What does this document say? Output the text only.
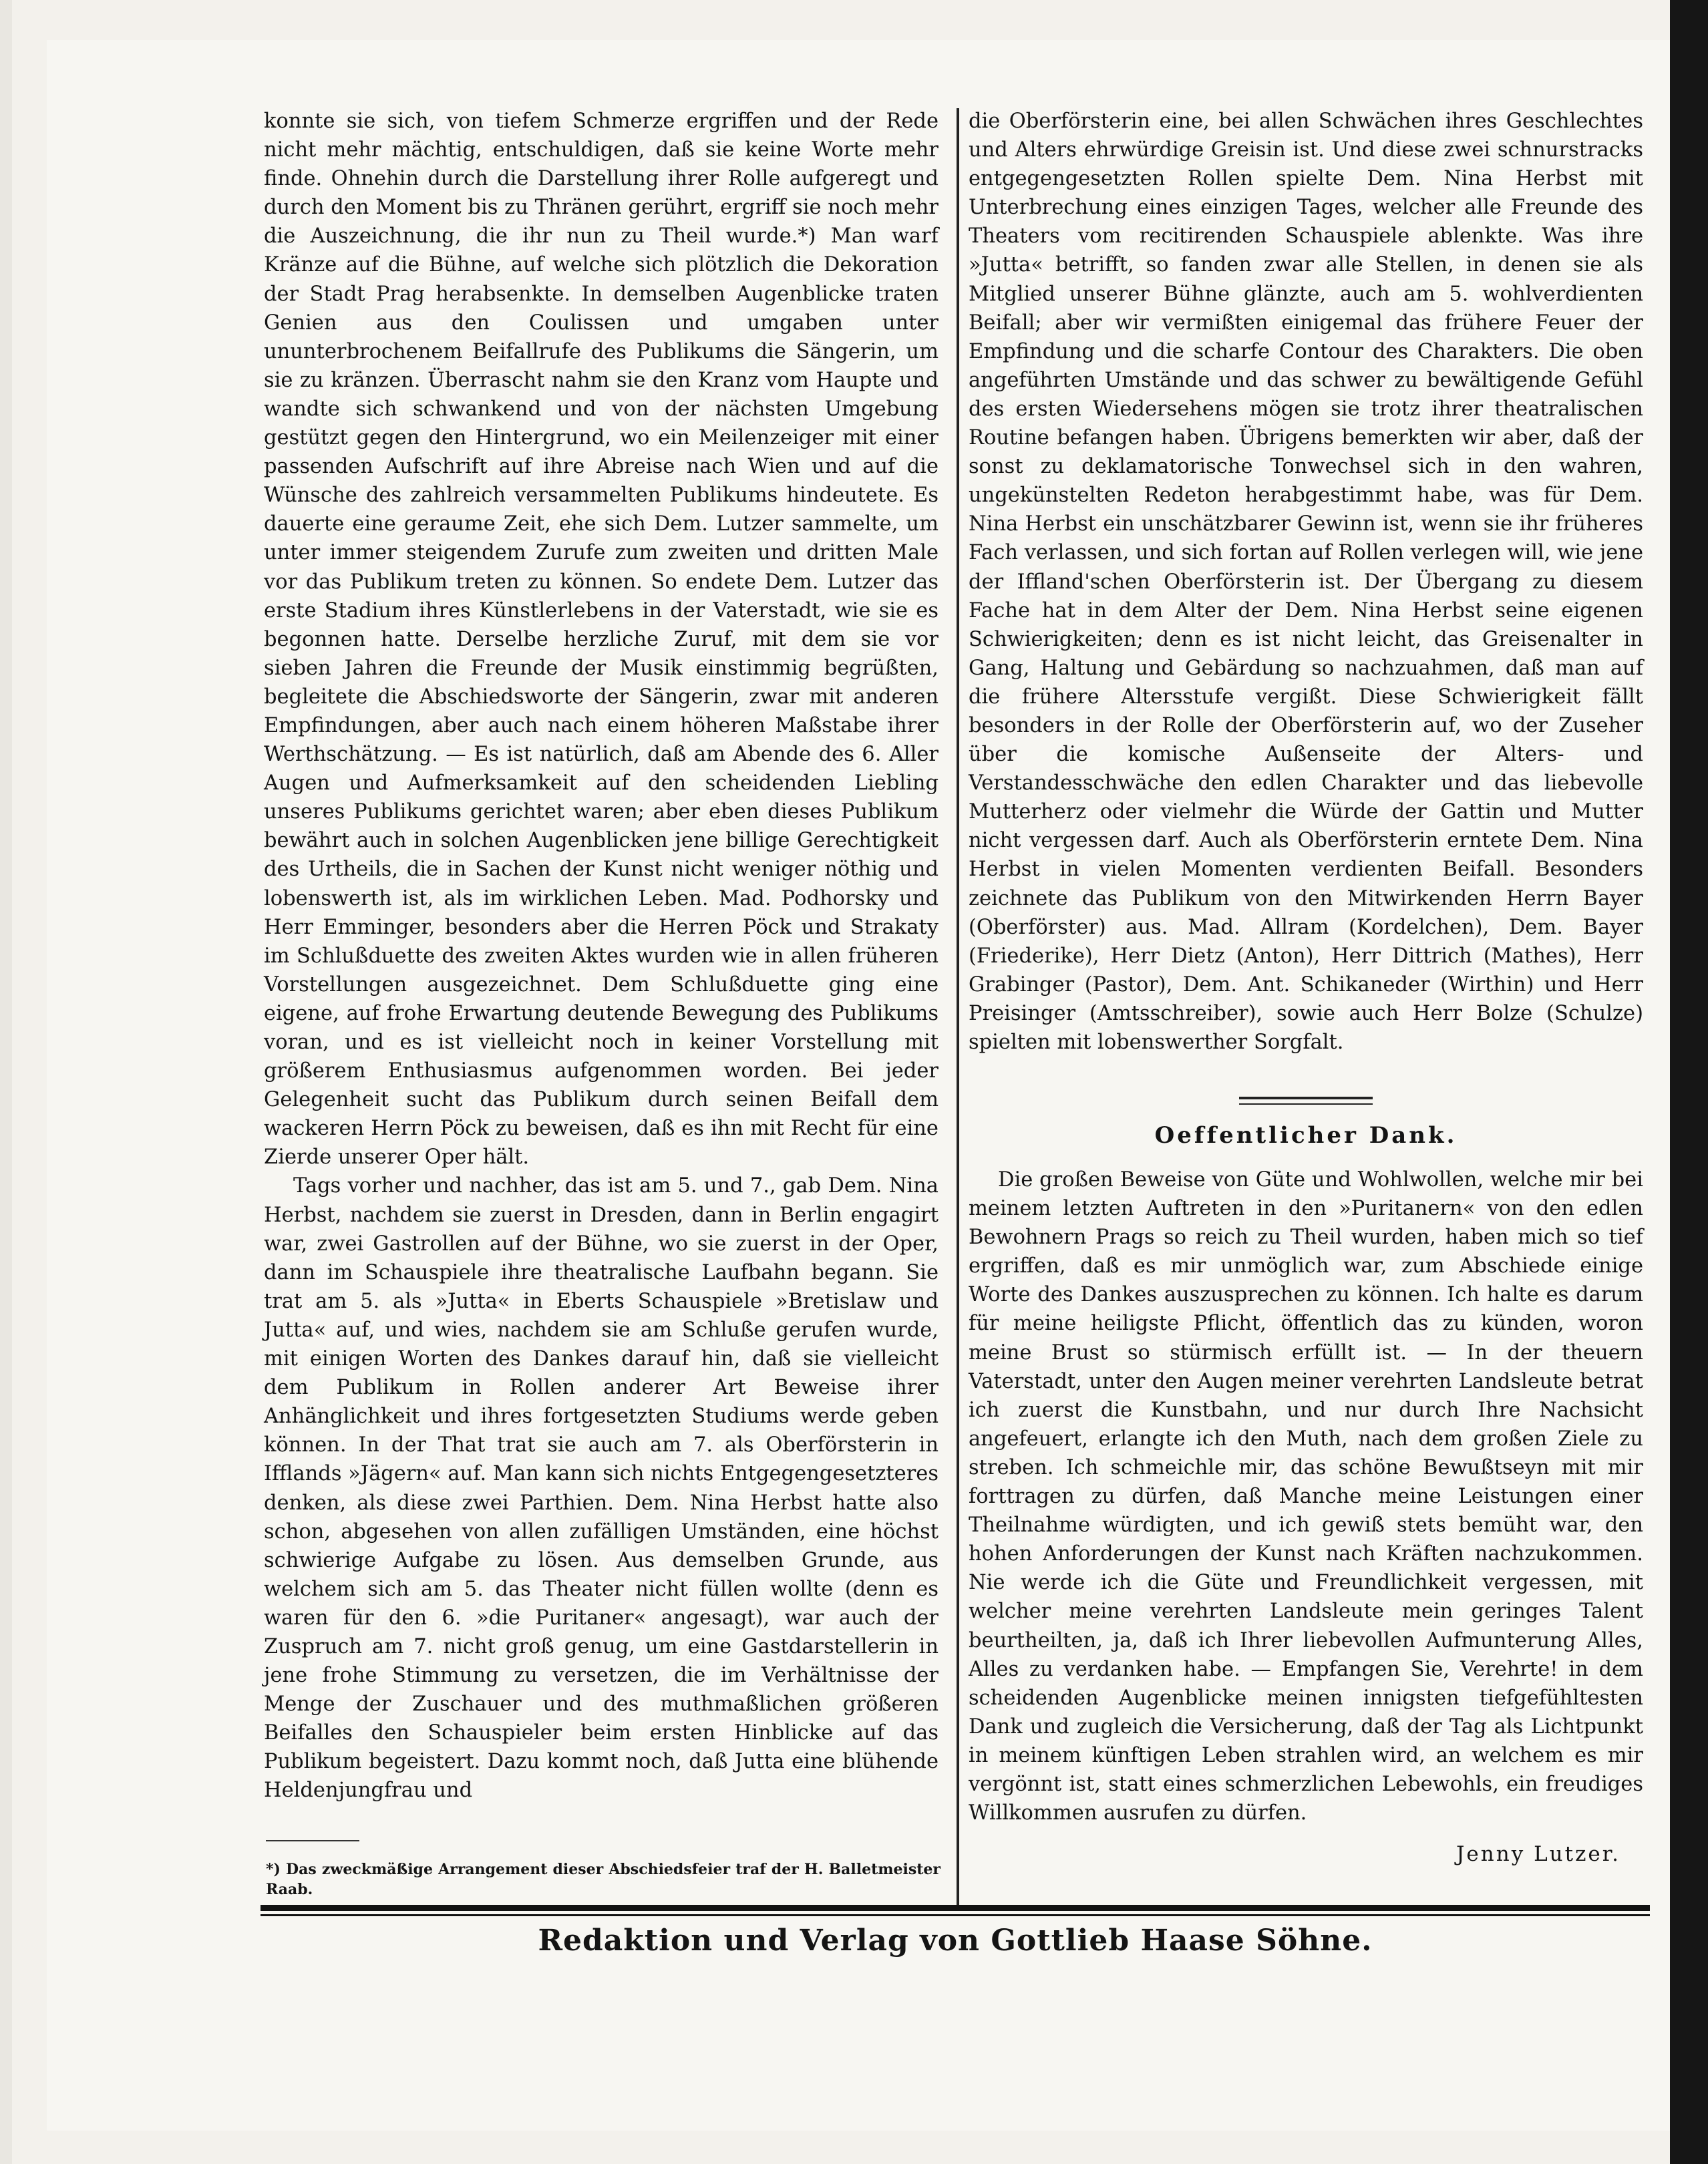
konnte sie sich, von tiefem Schmerze ergriffen und der Rede nicht mehr mächtig, entschuldigen, daß sie keine Worte mehr finde. Ohnehin durch die Darstellung ihrer Rolle aufgeregt und durch den Moment bis zu Thränen gerührt, ergriff sie noch mehr die Auszeichnung, die ihr nun zu Theil wurde.*) Man warf Kränze auf die Bühne, auf welche sich plötzlich die Dekoration der Stadt Prag herabsenkte. In demselben Augenblicke traten Genien aus den Coulissen und umgaben unter ununterbrochenem Beifallrufe des Publikums die Sängerin, um sie zu kränzen. Überrascht nahm sie den Kranz vom Haupte und wandte sich schwankend und von der nächsten Umgebung gestützt gegen den Hintergrund, wo ein Meilenzeiger mit einer passenden Aufschrift auf ihre Abreise nach Wien und auf die Wünsche des zahlreich versammelten Publikums hindeutete. Es dauerte eine geraume Zeit, ehe sich Dem. Lutzer sammelte, um unter immer steigendem Zurufe zum zweiten und dritten Male vor das Publikum treten zu können. So endete Dem. Lutzer das erste Stadium ihres Künstlerlebens in der Vaterstadt, wie sie es begonnen hatte. Derselbe herzliche Zuruf, mit dem sie vor sieben Jahren die Freunde der Musik einstimmig begrüßten, begleitete die Abschiedsworte der Sängerin, zwar mit anderen Empfindungen, aber auch nach einem höheren Maßstabe ihrer Werthschätzung. — Es ist natürlich, daß am Abende des 6. Aller Augen und Aufmerksamkeit auf den scheidenden Liebling unseres Publikums gerichtet waren; aber eben dieses Publikum bewährt auch in solchen Augenblicken jene billige Gerechtigkeit des Urtheils, die in Sachen der Kunst nicht weniger nöthig und lobenswerth ist, als im wirklichen Leben. Mad. Podhorsky und Herr Emminger, besonders aber die Herren Pöck und Strakaty im Schlußduette des zweiten Aktes wurden wie in allen früheren Vorstellungen ausgezeichnet. Dem Schlußduette ging eine eigene, auf frohe Erwartung deutende Bewegung des Publikums voran, und es ist vielleicht noch in keiner Vorstellung mit größerem Enthusiasmus aufgenommen worden. Bei jeder Gelegenheit sucht das Publikum durch seinen Beifall dem wackeren Herrn Pöck zu beweisen, daß es ihn mit Recht für eine Zierde unserer Oper hält.

Tags vorher und nachher, das ist am 5. und 7., gab Dem. Nina Herbst, nachdem sie zuerst in Dresden, dann in Berlin engagirt war, zwei Gastrollen auf der Bühne, wo sie zuerst in der Oper, dann im Schauspiele ihre theatralische Laufbahn begann. Sie trat am 5. als »Jutta« in Eberts Schauspiele »Bretislaw und Jutta« auf, und wies, nachdem sie am Schluße gerufen wurde, mit einigen Worten des Dankes darauf hin, daß sie vielleicht dem Publikum in Rollen anderer Art Beweise ihrer Anhänglichkeit und ihres fortgesetzten Studiums werde geben können. In der That trat sie auch am 7. als Oberförsterin in Ifflands »Jägern« auf. Man kann sich nichts Entgegengesetzteres denken, als diese zwei Parthien. Dem. Nina Herbst hatte also schon, abgesehen von allen zufälligen Umständen, eine höchst schwierige Aufgabe zu lösen. Aus demselben Grunde, aus welchem sich am 5. das Theater nicht füllen wollte (denn es waren für den 6. »die Puritaner« angesagt), war auch der Zuspruch am 7. nicht groß genug, um eine Gastdarstellerin in jene frohe Stimmung zu versetzen, die im Verhältnisse der Menge der Zuschauer und des muthmaßlichen größeren Beifalles den Schauspieler beim ersten Hinblicke auf das Publikum begeistert. Dazu kommt noch, daß Jutta eine blühende Heldenjungfrau und

*) Das zweckmäßige Arrangement dieser Abschiedsfeier traf der H. Balletmeister Raab.

die Oberförsterin eine, bei allen Schwächen ihres Geschlechtes und Alters ehrwürdige Greisin ist. Und diese zwei schnurstracks entgegengesetzten Rollen spielte Dem. Nina Herbst mit Unterbrechung eines einzigen Tages, welcher alle Freunde des Theaters vom recitirenden Schauspiele ablenkte. Was ihre »Jutta« betrifft, so fanden zwar alle Stellen, in denen sie als Mitglied unserer Bühne glänzte, auch am 5. wohlverdienten Beifall; aber wir vermißten einigemal das frühere Feuer der Empfindung und die scharfe Contour des Charakters. Die oben angeführten Umstände und das schwer zu bewältigende Gefühl des ersten Wiedersehens mögen sie trotz ihrer theatralischen Routine befangen haben. Übrigens bemerkten wir aber, daß der sonst zu deklamatorische Tonwechsel sich in den wahren, ungekünstelten Redeton herabgestimmt habe, was für Dem. Nina Herbst ein unschätzbarer Gewinn ist, wenn sie ihr früheres Fach verlassen, und sich fortan auf Rollen verlegen will, wie jene der Iffland'schen Oberförsterin ist. Der Übergang zu diesem Fache hat in dem Alter der Dem. Nina Herbst seine eigenen Schwierigkeiten; denn es ist nicht leicht, das Greisenalter in Gang, Haltung und Gebärdung so nachzuahmen, daß man auf die frühere Altersstufe vergißt. Diese Schwierigkeit fällt besonders in der Rolle der Oberförsterin auf, wo der Zuseher über die komische Außenseite der Alters- und Verstandesschwäche den edlen Charakter und das liebevolle Mutterherz oder vielmehr die Würde der Gattin und Mutter nicht vergessen darf. Auch als Oberförsterin erntete Dem. Nina Herbst in vielen Momenten verdienten Beifall. Besonders zeichnete das Publikum von den Mitwirkenden Herrn Bayer (Oberförster) aus. Mad. Allram (Kordelchen), Dem. Bayer (Friederike), Herr Dietz (Anton), Herr Dittrich (Mathes), Herr Grabinger (Pastor), Dem. Ant. Schikaneder (Wirthin) und Herr Preisinger (Amtsschreiber), sowie auch Herr Bolze (Schulze) spielten mit lobenswerther Sorgfalt.

Oeffentlicher Dank.

Die großen Beweise von Güte und Wohlwollen, welche mir bei meinem letzten Auftreten in den »Puritanern« von den edlen Bewohnern Prags so reich zu Theil wurden, haben mich so tief ergriffen, daß es mir unmöglich war, zum Abschiede einige Worte des Dankes auszusprechen zu können. Ich halte es darum für meine heiligste Pflicht, öffentlich das zu künden, woron meine Brust so stürmisch erfüllt ist. — In der theuern Vaterstadt, unter den Augen meiner verehrten Landsleute betrat ich zuerst die Kunstbahn, und nur durch Ihre Nachsicht angefeuert, erlangte ich den Muth, nach dem großen Ziele zu streben. Ich schmeichle mir, das schöne Bewußtseyn mit mir forttragen zu dürfen, daß Manche meine Leistungen einer Theilnahme würdigten, und ich gewiß stets bemüht war, den hohen Anforderungen der Kunst nach Kräften nachzukommen. Nie werde ich die Güte und Freundlichkeit vergessen, mit welcher meine verehrten Landsleute mein geringes Talent beurtheilten, ja, daß ich Ihrer liebevollen Aufmunterung Alles, Alles zu verdanken habe. — Empfangen Sie, Verehrte! in dem scheidenden Augenblicke meinen innigsten tiefgefühltesten Dank und zugleich die Versicherung, daß der Tag als Lichtpunkt in meinem künftigen Leben strahlen wird, an welchem es mir vergönnt ist, statt eines schmerzlichen Lebewohls, ein freudiges Willkommen ausrufen zu dürfen.

Jenny Lutzer.
Redaktion und Verlag von Gottlieb Haase Söhne.
